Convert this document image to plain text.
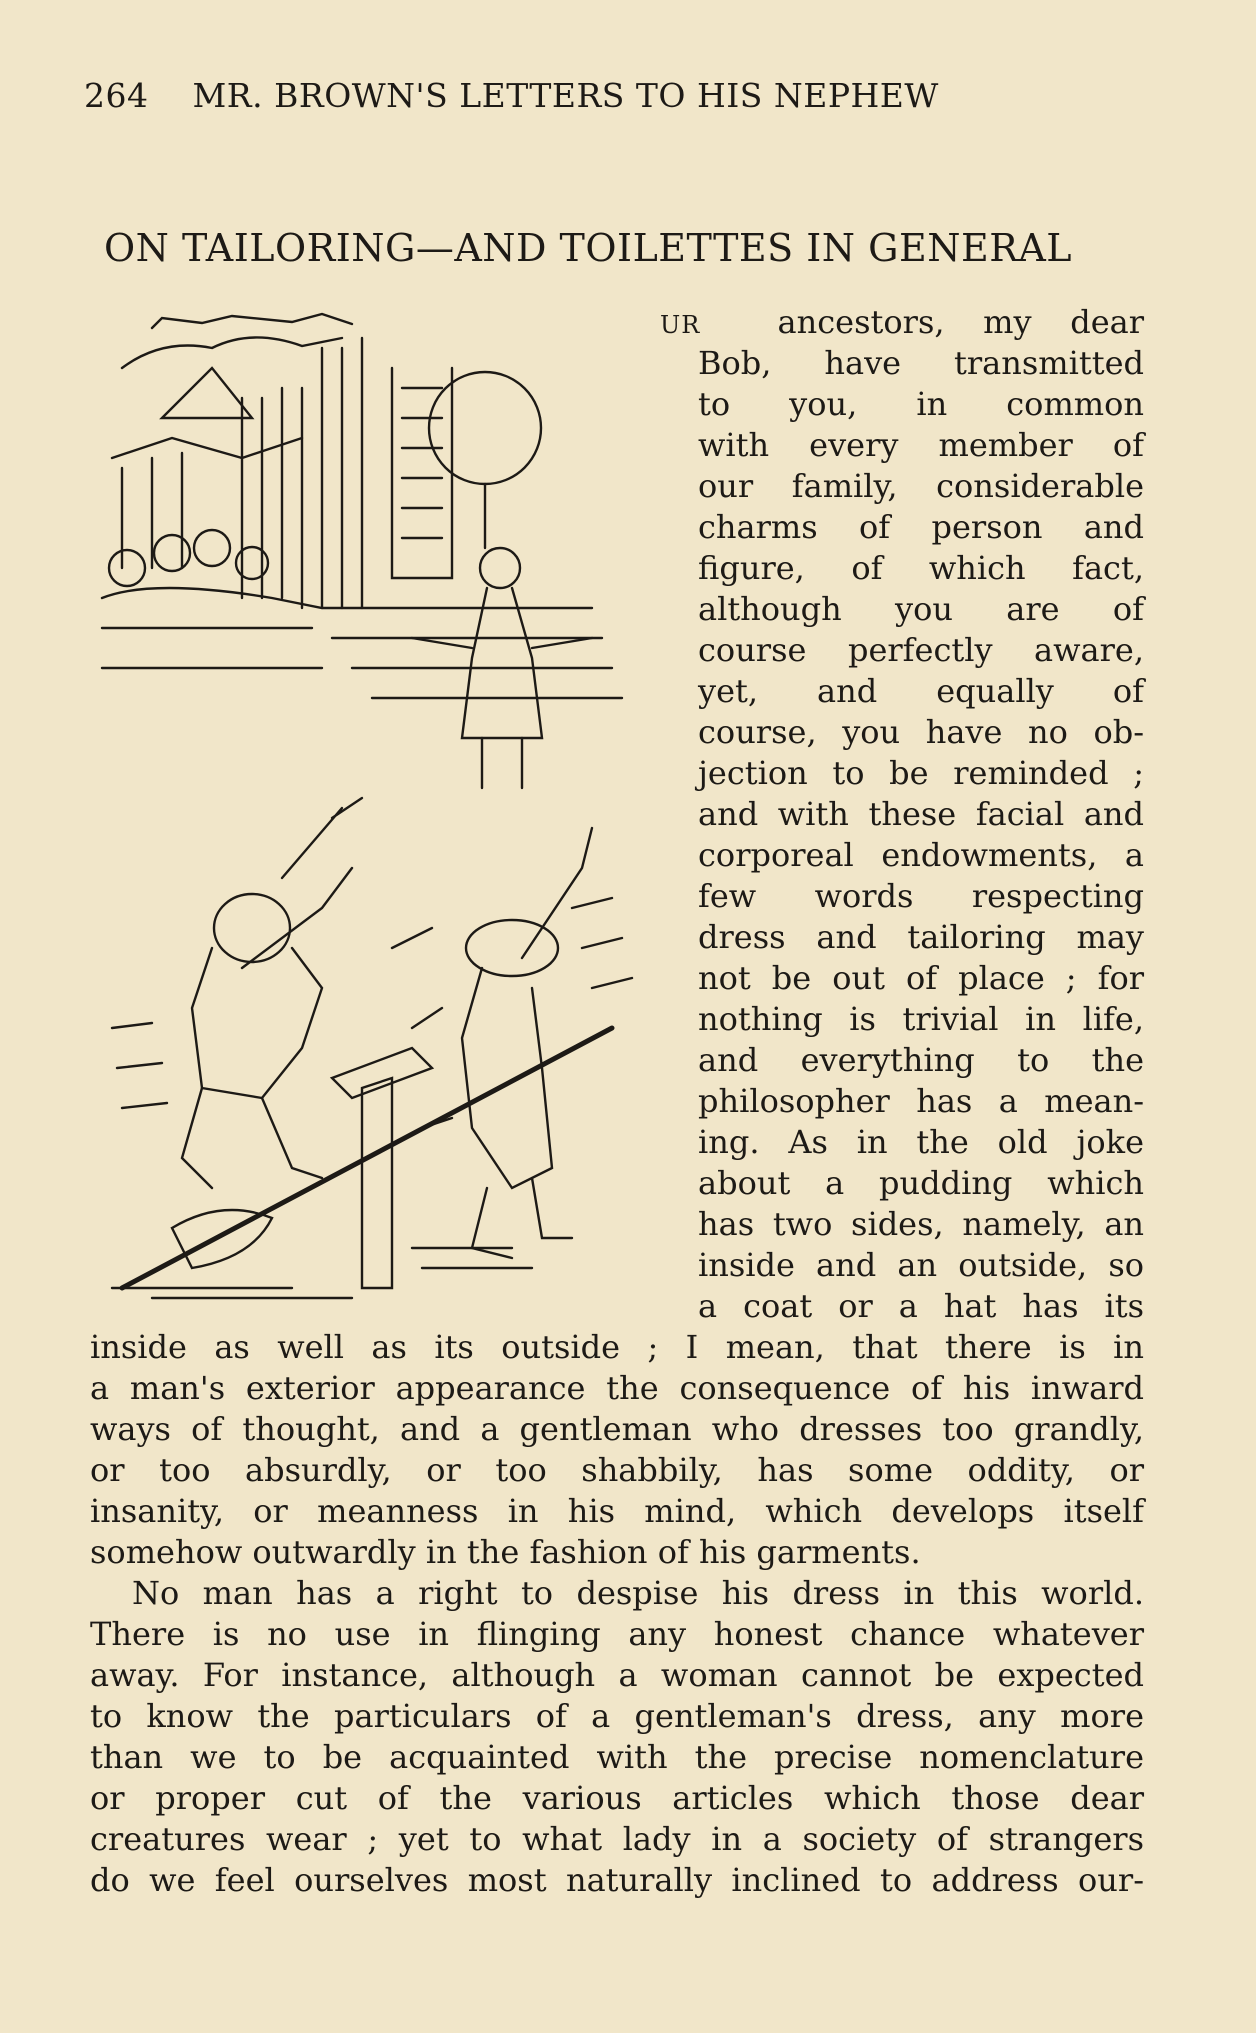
264 MR. BROWN'S LETTERS TO HIS NEPHEW
ON TAILORING—AND TOILETTES IN GENERAL
UR ancestors, my dear
Bob, have transmitted
to you, in common
with every member of
our family, considerable
charms of person and
figure, of which fact,
although you are of
course perfectly aware,
yet, and equally of
course, you have no ob-
jection to be reminded ;
and with these facial and
corporeal endowments, a
few words respecting
dress and tailoring may
not be out of place ; for
nothing is trivial in life,
and everything to the
philosopher has a mean-
ing. As in the old joke
about a pudding which
has two sides, namely, an
inside and an outside, so
a coat or a hat has its
inside as well as its outside ; I mean, that there is in
a man's exterior appearance the consequence of his inward
ways of thought, and a gentleman who dresses too grandly,
or too absurdly, or too shabbily, has some oddity, or
insanity, or meanness in his mind, which develops itself
somehow outwardly in the fashion of his garments.
No man has a right to despise his dress in this world.
There is no use in flinging any honest chance whatever
away. For instance, although a woman cannot be expected
to know the particulars of a gentleman's dress, any more
than we to be acquainted with the precise nomenclature
or proper cut of the various articles which those dear
creatures wear ; yet to what lady in a society of strangers
do we feel ourselves most naturally inclined to address our-
